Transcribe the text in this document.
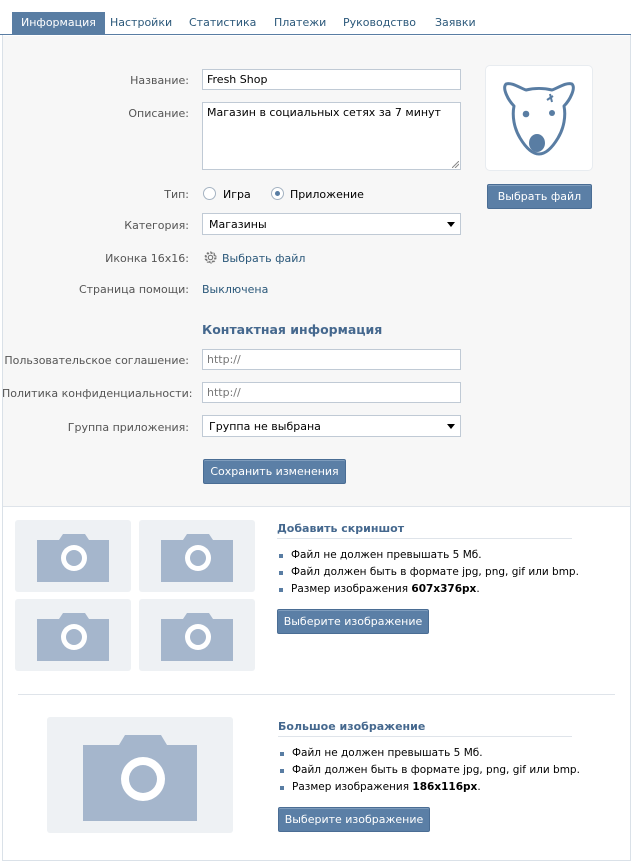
Информация	Настройки	Статистика	Платежи	Руководство	Заявки
Название:
Fresh Shop
Описание:
Магазин в социальных сетях за 7 минут
Выбрать файл
Тип:	Игра	Приложение
Категория:	Магазины
Иконка 16x16:	Выбрать файл
Страница помощи: Выключена
Контактная информация
Пользовательское соглашение:
http://
Политика конфиденциальности:
http://
Группа приложения:	Группа не выбрана
Сохранить изменения
Добавить скриншот
Файл не должен превышать 5 Мб.
Файл должен быть в формате jpg, png, gif или bmp.
Размер изображения 607x376px.
Выберите изображение
Большое изображение
Файл не должен превышать 5 Мб.
Файл должен быть в формате jpg, png, gif или bmp.
Размер изображения 186x116px.
Выберите изображение
